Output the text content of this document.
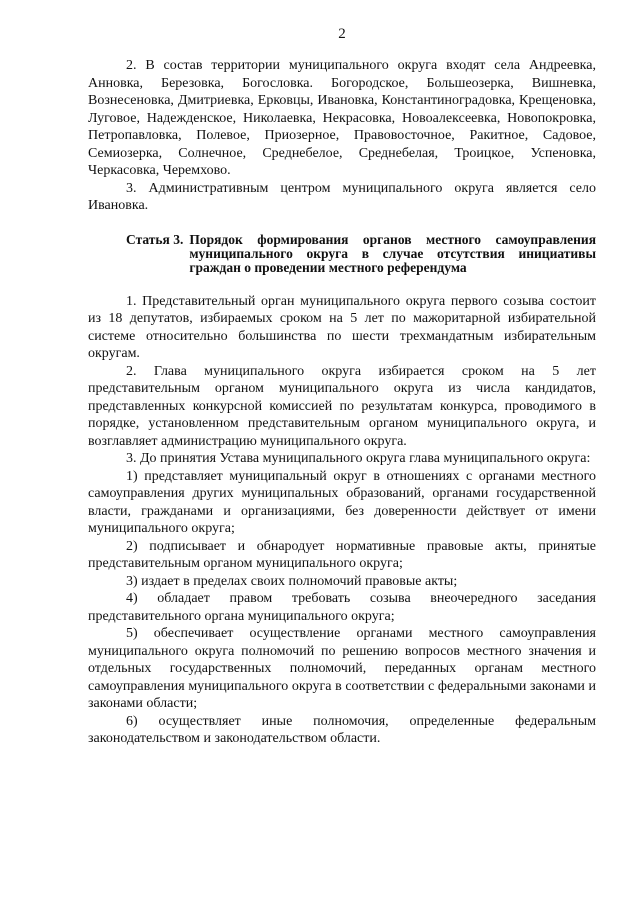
2

2. В состав территории муниципального округа входят села Андреевка, Анновка, Березовка, Богословка. Богородское, Большеозерка, Вишневка, Вознесеновка, Дмитриевка, Ерковцы, Ивановка, Константиноградовка, Крещеновка, Луговое, Надежденское, Николаевка, Некрасовка, Новоалексеевка, Новопокровка, Петропавловка, Полевое, Приозерное, Правовосточное, Ракитное, Садовое, Семиозерка, Солнечное, Среднебелое, Среднебелая, Троицкое, Успеновка, Черкасовка, Черемхово.

3. Административным центром муниципального округа является село Ивановка.

Статья 3. Порядок формирования органов местного самоуправления муниципального округа в случае отсутствия инициативы граждан о проведении местного референдума

1. Представительный орган муниципального округа первого созыва состоит из 18 депутатов, избираемых сроком на 5 лет по мажоритарной избирательной системе относительно большинства по шести трехмандатным избирательным округам.

2. Глава муниципального округа избирается сроком на 5 лет представительным органом муниципального округа из числа кандидатов, представленных конкурсной комиссией по результатам конкурса, проводимого в порядке, установленном представительным органом муниципального округа, и возглавляет администрацию муниципального округа.

3. До принятия Устава муниципального округа глава муниципального округа:

1) представляет муниципальный округ в отношениях с органами местного самоуправления других муниципальных образований, органами государственной власти, гражданами и организациями, без доверенности действует от имени муниципального округа;

2) подписывает и обнародует нормативные правовые акты, принятые представительным органом муниципального округа;

3) издает в пределах своих полномочий правовые акты;

4) обладает правом требовать созыва внеочередного заседания представительного органа муниципального округа;

5) обеспечивает осуществление органами местного самоуправления муниципального округа полномочий по решению вопросов местного значения и отдельных государственных полномочий, переданных органам местного самоуправления муниципального округа в соответствии с федеральными законами и законами области;

6) осуществляет иные полномочия, определенные федеральным законодательством и законодательством области.
